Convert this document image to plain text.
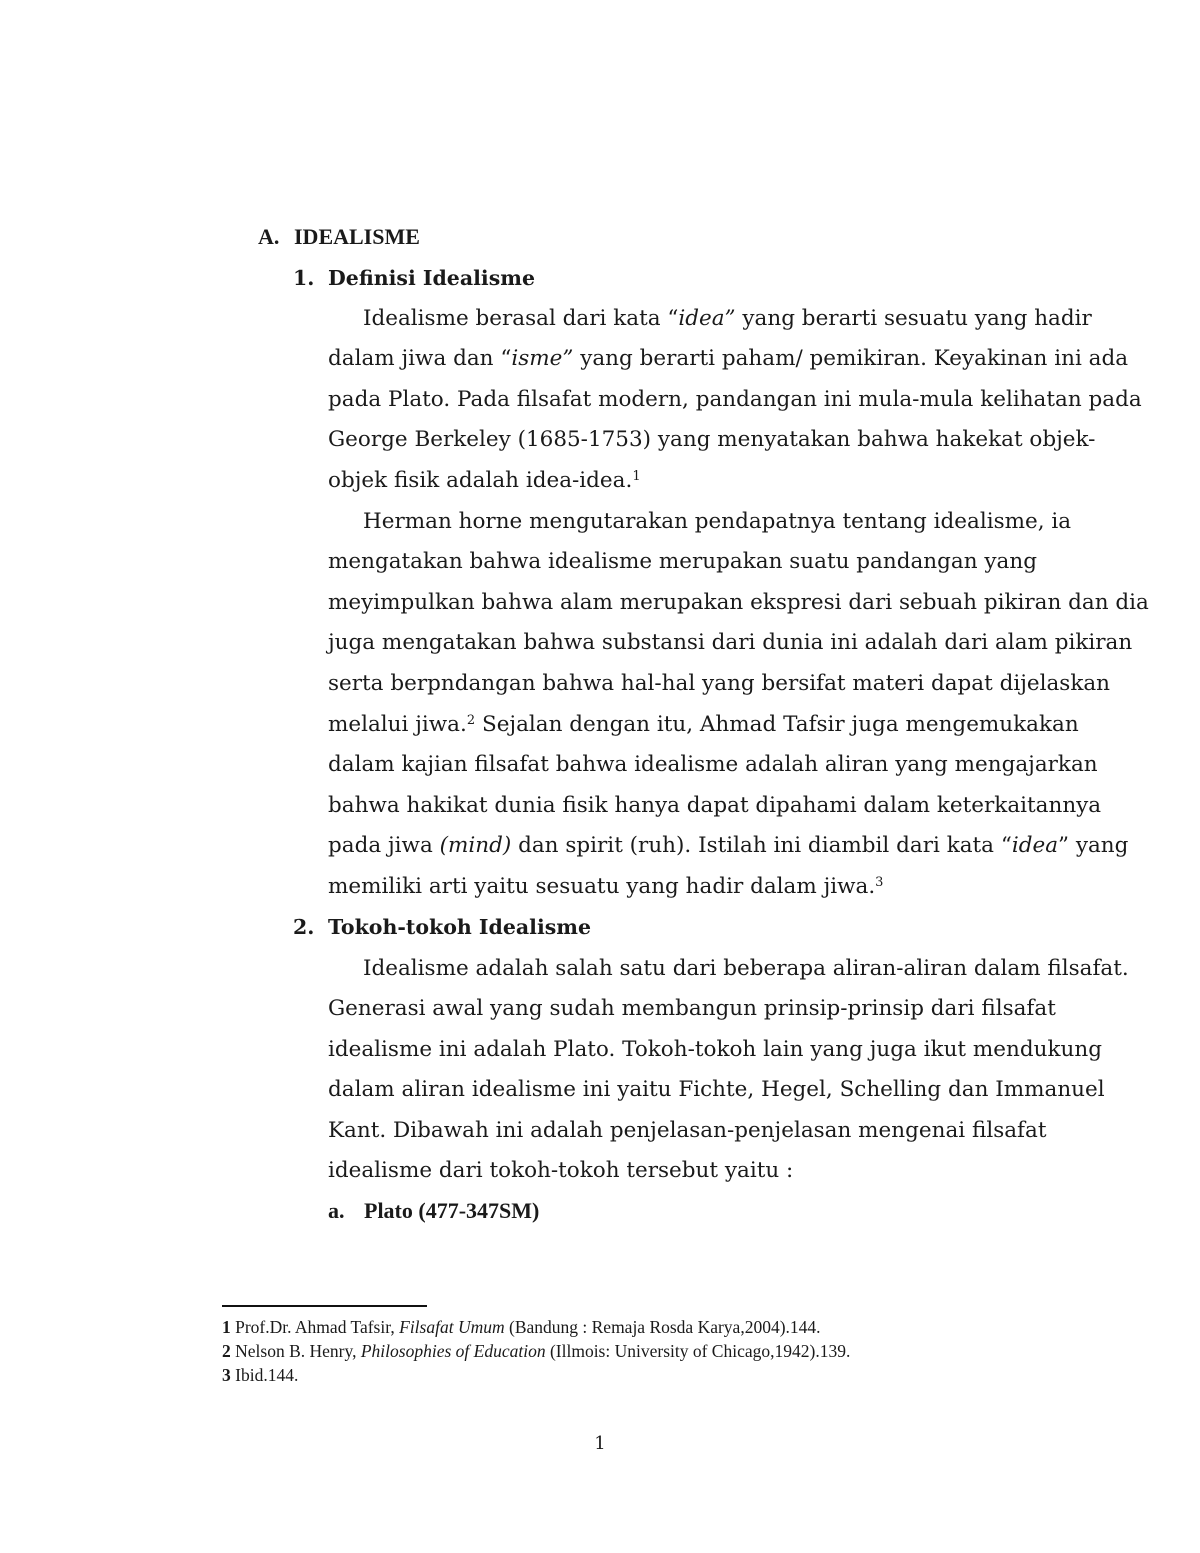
A. IDEALISME
1. Definisi Idealisme
Idealisme berasal dari kata “idea” yang berarti sesuatu yang hadir
dalam jiwa dan “isme” yang berarti paham/ pemikiran. Keyakinan ini ada
pada Plato. Pada filsafat modern, pandangan ini mula-mula kelihatan pada
George Berkeley (1685-1753) yang menyatakan bahwa hakekat objek-
objek fisik adalah idea-idea.$^1$
Herman horne mengutarakan pendapatnya tentang idealisme, ia
mengatakan bahwa idealisme merupakan suatu pandangan yang
meyimpulkan bahwa alam merupakan ekspresi dari sebuah pikiran dan dia
juga mengatakan bahwa substansi dari dunia ini adalah dari alam pikiran
serta berpndangan bahwa hal-hal yang bersifat materi dapat dijelaskan
melalui jiwa.$^2$ Sejalan dengan itu, Ahmad Tafsir juga mengemukakan
dalam kajian filsafat bahwa idealisme adalah aliran yang mengajarkan
bahwa hakikat dunia fisik hanya dapat dipahami dalam keterkaitannya
pada jiwa (mind) dan spirit (ruh). Istilah ini diambil dari kata “idea” yang
memiliki arti yaitu sesuatu yang hadir dalam jiwa.$^3$
2. Tokoh-tokoh Idealisme
Idealisme adalah salah satu dari beberapa aliran-aliran dalam filsafat.
Generasi awal yang sudah membangun prinsip-prinsip dari filsafat
idealisme ini adalah Plato. Tokoh-tokoh lain yang juga ikut mendukung
dalam aliran idealisme ini yaitu Fichte, Hegel, Schelling dan Immanuel
Kant. Dibawah ini adalah penjelasan-penjelasan mengenai filsafat
idealisme dari tokoh-tokoh tersebut yaitu :
a. Plato (477-347SM)
1 Prof.Dr. Ahmad Tafsir, Filsafat Umum (Bandung : Remaja Rosda Karya,2004).144.
2 Nelson B. Henry, Philosophies of Education (Illmois: University of Chicago,1942).139.
3 Ibid.144.
1
